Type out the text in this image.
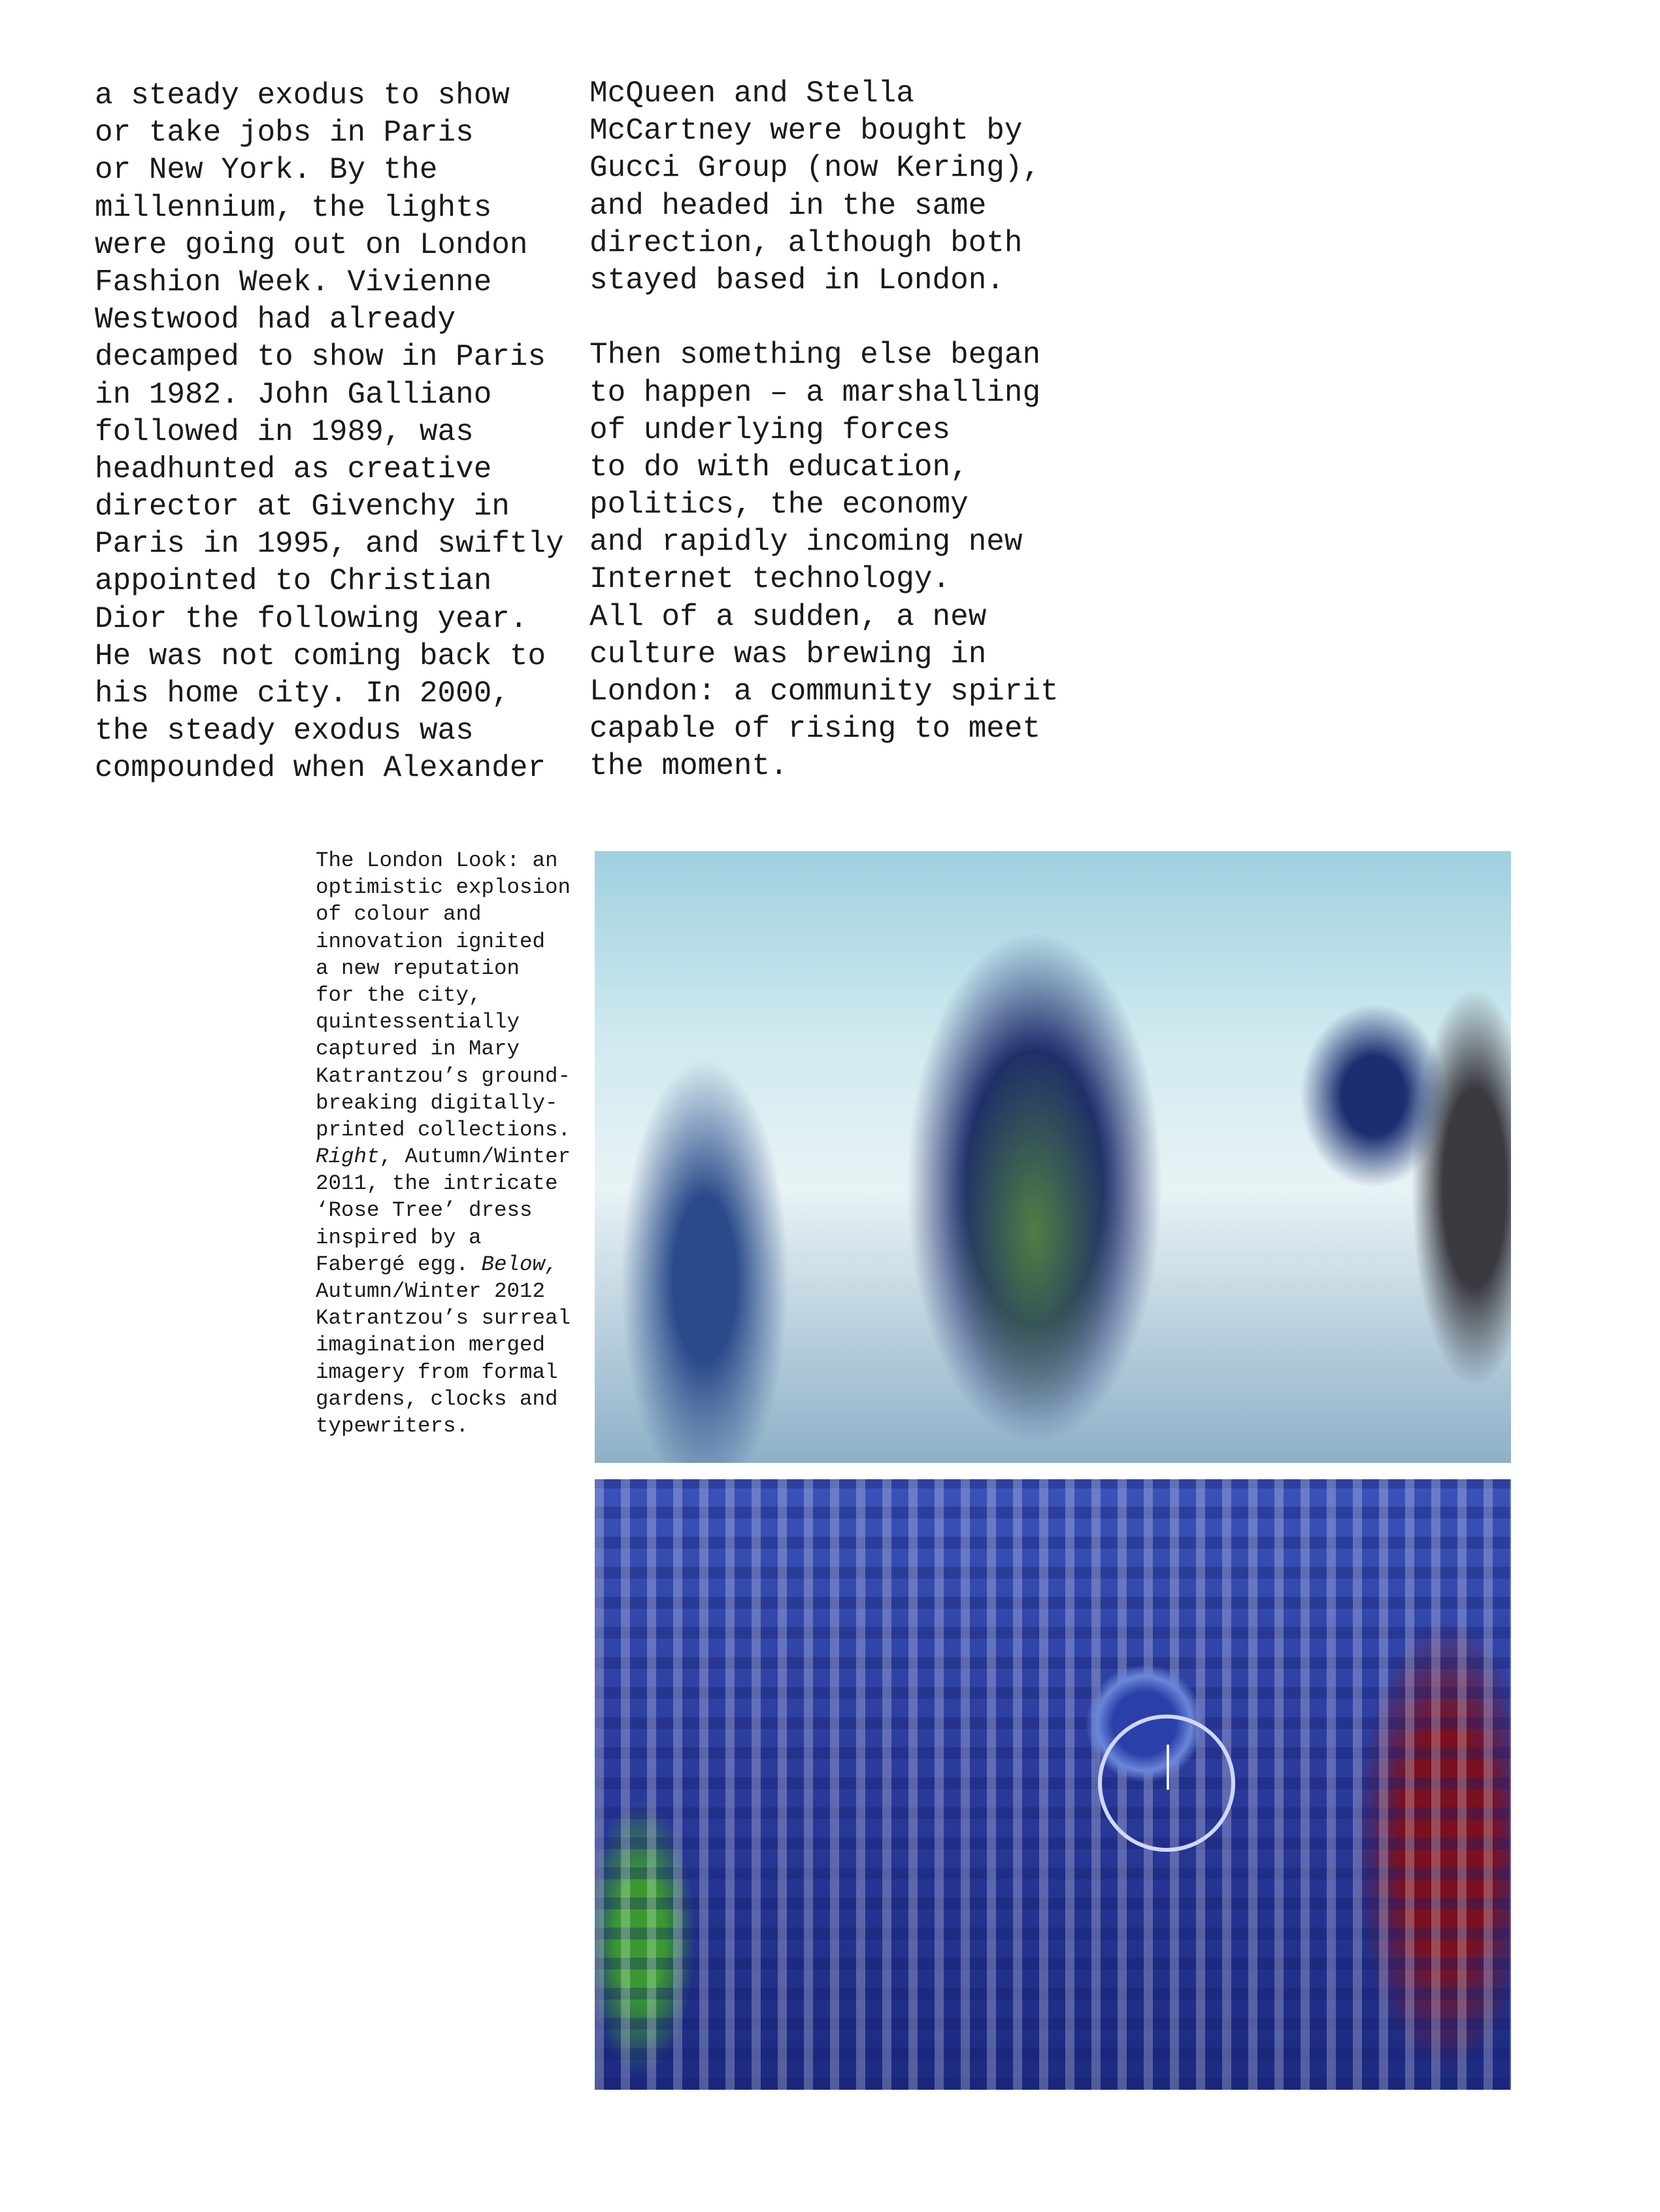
a steady exodus to show
or take jobs in Paris
or New York. By the
millennium, the lights
were going out on London
Fashion Week. Vivienne
Westwood had already
decamped to show in Paris
in 1982. John Galliano
followed in 1989, was
headhunted as creative
director at Givenchy in
Paris in 1995, and swiftly
appointed to Christian
Dior the following year.
He was not coming back to
his home city. In 2000,
the steady exodus was
compounded when Alexander
McQueen and Stella
McCartney were bought by
Gucci Group (now Kering),
and headed in the same
direction, although both
stayed based in London.
Then something else began
to happen – a marshalling
of underlying forces
to do with education,
politics, the economy
and rapidly incoming new
Internet technology.
All of a sudden, a new
culture was brewing in
London: a community spirit
capable of rising to meet
the moment.
The London Look: an
optimistic explosion
of colour and
innovation ignited
a new reputation
for the city,
quintessentially
captured in Mary
Katrantzou’s ground-
breaking digitally-
printed collections.
Right, Autumn/Winter
2011, the intricate
‘Rose Tree’ dress
inspired by a
Fabergé egg. Below,
Autumn/Winter 2012
Katrantzou’s surreal
imagination merged
imagery from formal
gardens, clocks and
typewriters.
